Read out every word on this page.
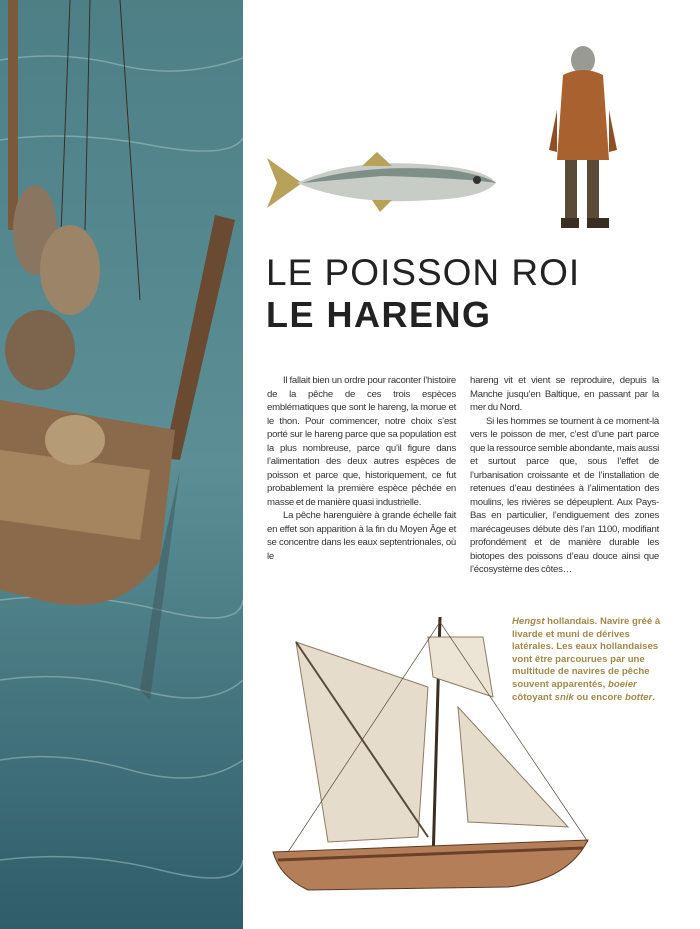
LE POISSON ROI
LE HARENG

Il fallait bien un ordre pour raconter l’histoire de la pêche de ces trois espèces emblématiques que sont le hareng, la morue et le thon. Pour commencer, notre choix s’est porté sur le hareng parce que sa population est la plus nombreuse, parce qu’il figure dans l’alimentation des deux autres espèces de poisson et parce que, historiquement, ce fut probablement la première espèce pêchée en masse et de manière quasi industrielle.

La pêche harenguière à grande échelle fait en effet son apparition à la fin du Moyen Âge et se concentre dans les eaux septentrionales, où le

hareng vit et vient se reproduire, depuis la Manche jusqu’en Baltique, en passant par la mer du Nord.

Si les hommes se tournent à ce moment-là vers le poisson de mer, c’est d’une part parce que la ressource semble abondante, mais aussi et surtout parce que, sous l’effet de l’urbanisation croissante et de l’installation de retenues d’eau destinées à l’alimentation des moulins, les rivières se dépeuplent. Aux Pays-Bas en particulier, l’endiguement des zones marécageuses débute dès l’an 1100, modifiant profondément et de manière durable les biotopes des poissons d’eau douce ainsi que l’écosystème des côtes…

Hengst hollandais. Navire gréé à livarde et muni de dérives latérales. Les eaux hollandaises vont être parcourues par une multitude de navires de pêche souvent apparentés, boeier côtoyant snik ou encore botter.
